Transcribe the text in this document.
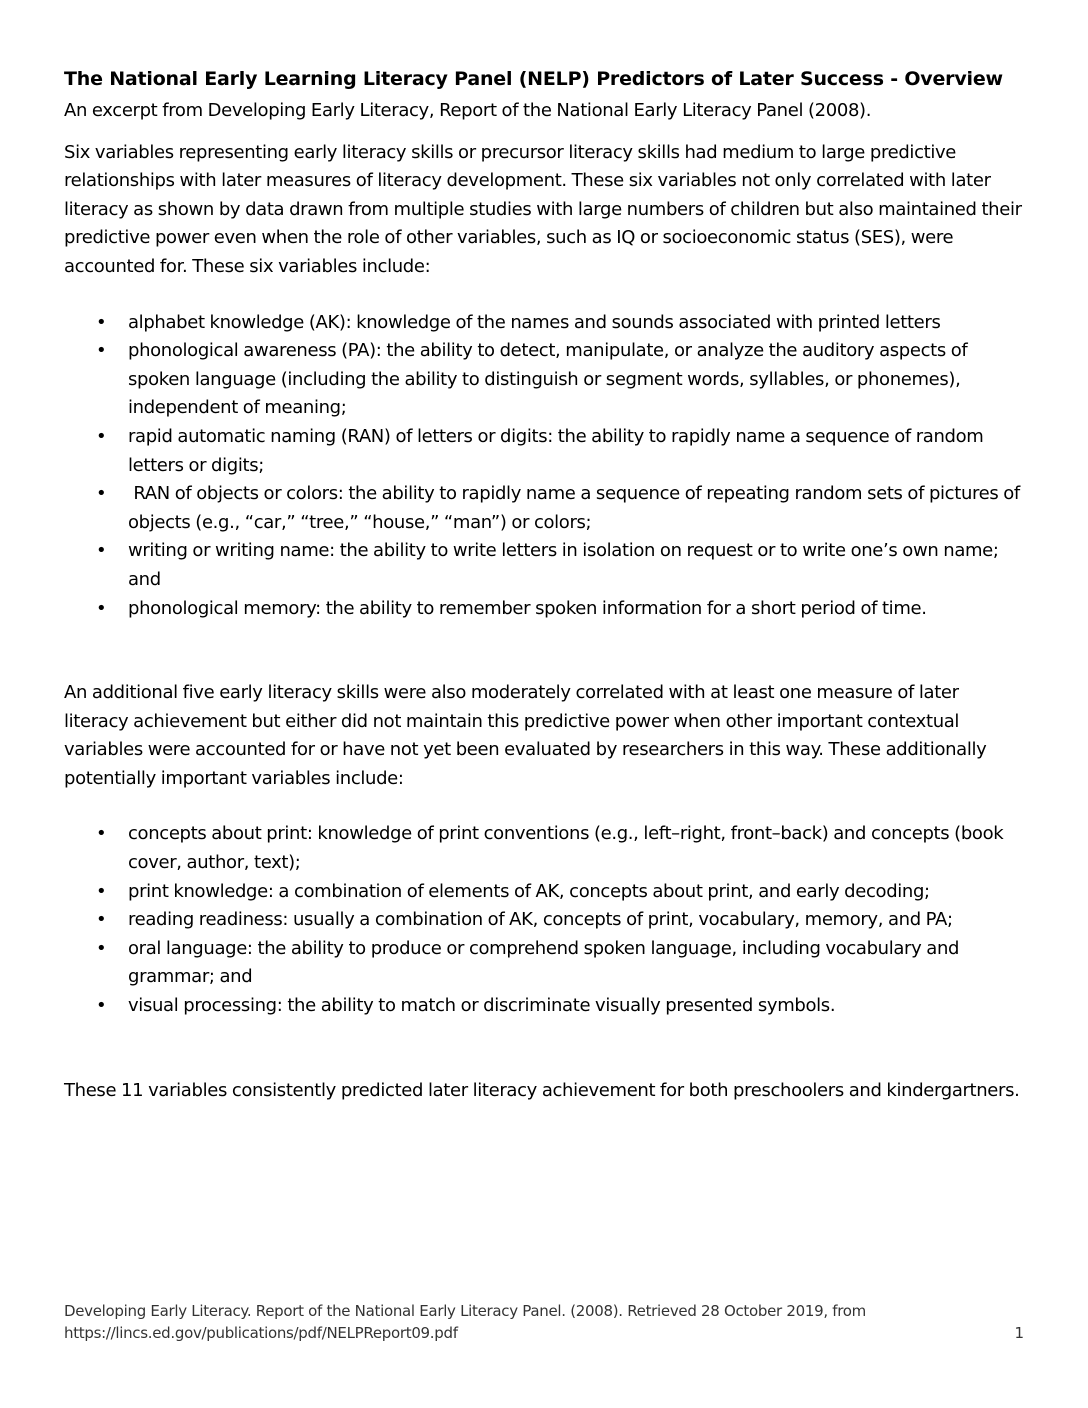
The National Early Learning Literacy Panel (NELP) Predictors of Later Success - Overview

An excerpt from Developing Early Literacy, Report of the National Early Literacy Panel (2008).

Six variables representing early literacy skills or precursor literacy skills had medium to large predictive relationships with later measures of literacy development. These six variables not only correlated with later literacy as shown by data drawn from multiple studies with large numbers of children but also maintained their predictive power even when the role of other variables, such as IQ or socioeconomic status (SES), were accounted for. These six variables include:

• alphabet knowledge (AK): knowledge of the names and sounds associated with printed letters
• phonological awareness (PA): the ability to detect, manipulate, or analyze the auditory aspects of spoken language (including the ability to distinguish or segment words, syllables, or phonemes), independent of meaning;
• rapid automatic naming (RAN) of letters or digits: the ability to rapidly name a sequence of random letters or digits;
• RAN of objects or colors: the ability to rapidly name a sequence of repeating random sets of pictures of objects (e.g., “car,” “tree,” “house,” “man”) or colors;
• writing or writing name: the ability to write letters in isolation on request or to write one’s own name; and
• phonological memory: the ability to remember spoken information for a short period of time.

An additional five early literacy skills were also moderately correlated with at least one measure of later literacy achievement but either did not maintain this predictive power when other important contextual variables were accounted for or have not yet been evaluated by researchers in this way. These additionally potentially important variables include:

• concepts about print: knowledge of print conventions (e.g., left–right, front–back) and concepts (book cover, author, text);
• print knowledge: a combination of elements of AK, concepts about print, and early decoding;
• reading readiness: usually a combination of AK, concepts of print, vocabulary, memory, and PA;
• oral language: the ability to produce or comprehend spoken language, including vocabulary and grammar; and
• visual processing: the ability to match or discriminate visually presented symbols.

These 11 variables consistently predicted later literacy achievement for both preschoolers and kindergartners.

Developing Early Literacy. Report of the National Early Literacy Panel. (2008). Retrieved 28 October 2019, from
https://lincs.ed.gov/publications/pdf/NELPReport09.pdf	1
